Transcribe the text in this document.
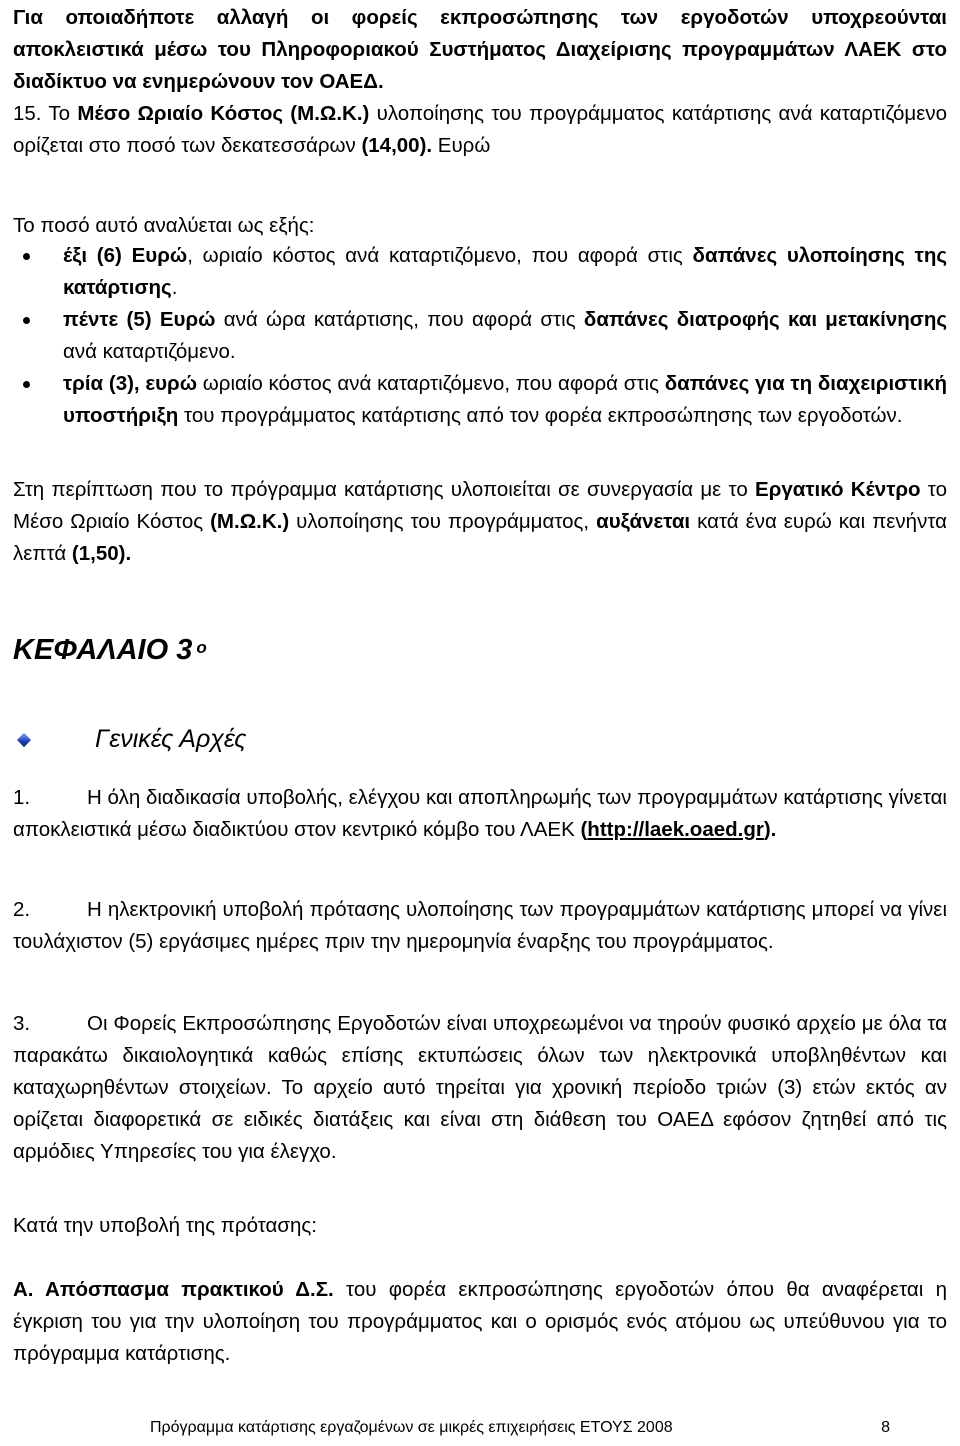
Για οποιαδήποτε αλλαγή οι φορείς εκπροσώπησης των εργοδοτών υποχρεούνται αποκλειστικά μέσω του Πληροφοριακού Συστήματος Διαχείρισης προγραμμάτων ΛΑΕΚ στο διαδίκτυο να ενημερώνουν τον ΟΑΕΔ.

15. Το Μέσο Ωριαίο Κόστος (Μ.Ω.Κ.) υλοποίησης του προγράμματος κατάρτισης ανά καταρτιζόμενο ορίζεται στο ποσό των δεκατεσσάρων (14,00). Ευρώ

Το ποσό αυτό αναλύεται ως εξής:

έξι (6) Ευρώ, ωριαίο κόστος ανά καταρτιζόμενο, που αφορά στις δαπάνες υλοποίησης της κατάρτισης.

πέντε (5) Ευρώ ανά ώρα κατάρτισης, που αφορά στις δαπάνες διατροφής και μετακίνησης ανά καταρτιζόμενο.

τρία (3), ευρώ ωριαίο κόστος ανά καταρτιζόμενο, που αφορά στις δαπάνες για τη διαχειριστική υποστήριξη του προγράμματος κατάρτισης από τον φορέα εκπροσώπησης των εργοδοτών.

Στη περίπτωση που το πρόγραμμα κατάρτισης υλοποιείται σε συνεργασία με το Εργατικό Κέντρο το Μέσο Ωριαίο Κόστος (Μ.Ω.Κ.) υλοποίησης του προγράμματος, αυξάνεται κατά ένα ευρώ και πενήντα λεπτά (1,50).

ΚΕΦΑΛΑΙΟ 3 $^o$
Γενικές Αρχές

1.	Η όλη διαδικασία υποβολής, ελέγχου και αποπληρωμής των προγραμμάτων κατάρτισης γίνεται αποκλειστικά μέσω διαδικτύου στον κεντρικό κόμβο του ΛΑΕΚ (http://laek.oaed.gr).

2.	Η ηλεκτρονική υποβολή πρότασης υλοποίησης των προγραμμάτων κατάρτισης μπορεί να γίνει τουλάχιστον (5) εργάσιμες ημέρες πριν την ημερομηνία έναρξης του προγράμματος.

3.	Οι Φορείς Εκπροσώπησης Εργοδοτών είναι υποχρεωμένοι να τηρούν φυσικό αρχείο με όλα τα παρακάτω δικαιολογητικά καθώς επίσης εκτυπώσεις όλων των ηλεκτρονικά υποβληθέντων και καταχωρηθέντων στοιχείων. Το αρχείο αυτό τηρείται για χρονική περίοδο τριών (3) ετών εκτός αν ορίζεται διαφορετικά σε ειδικές διατάξεις και είναι στη διάθεση του ΟΑΕΔ εφόσον ζητηθεί από τις αρμόδιες Υπηρεσίες του για έλεγχο.

Κατά την υποβολή της πρότασης:

Α. Απόσπασμα πρακτικού Δ.Σ. του φορέα εκπροσώπησης εργοδοτών όπου θα αναφέρεται η έγκριση του για την υλοποίηση του προγράμματος και ο ορισμός ενός ατόμου ως υπεύθυνου για το πρόγραμμα κατάρτισης.

Πρόγραμμα κατάρτισης εργαζομένων σε μικρές επιχειρήσεις ΕΤΟΥΣ 2008	8
